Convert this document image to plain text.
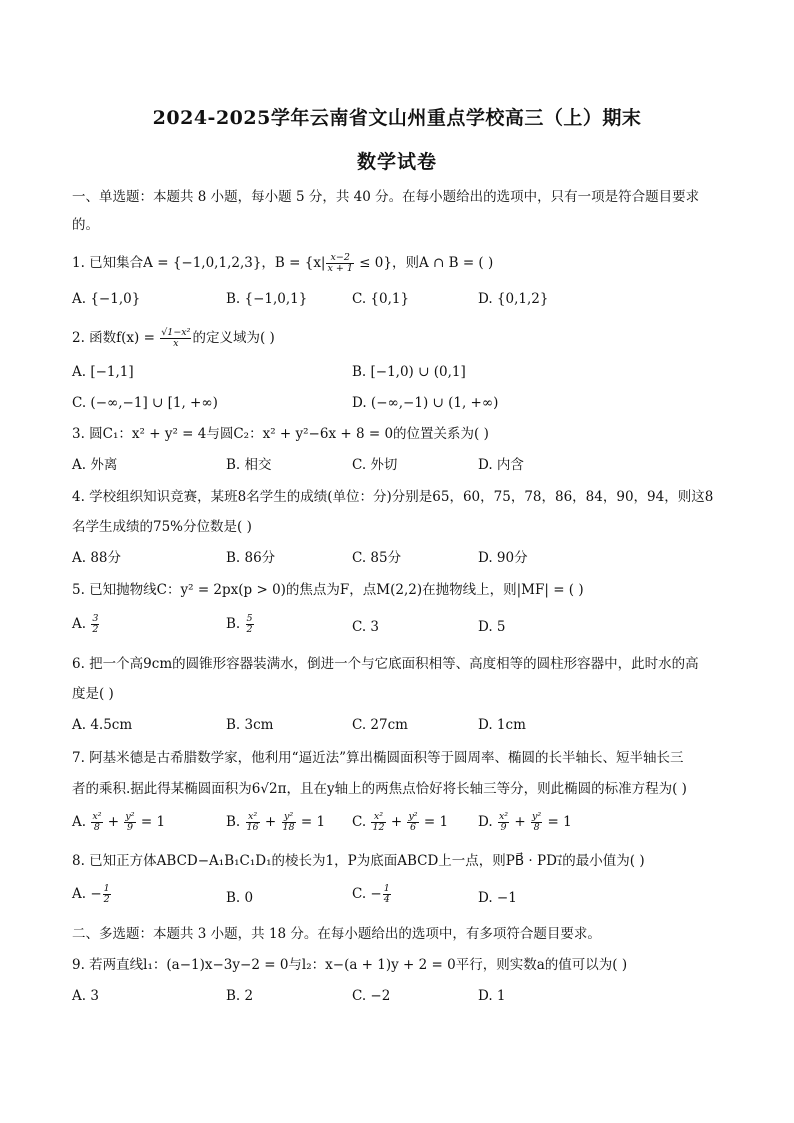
2024-2025学年云南省文山州重点学校高三（上）期末
数学试卷
一、单选题：本题共 8 小题，每小题 5 分，共 40 分。在每小题给出的选项中，只有一项是符合题目要求
的。
1. 已知集合A = {−1,0,1,2,3}，$B = \{x| \frac{x-2}{x + 1} \le 0\}$，则A ∩ B = ( )
A. {−1,0}	B. {−1,0,1}	C. {0,1}	D. {0,1,2}
2. 函数$f(x) = \frac{\text{√1−x²}}{x}$ 的定义域为( )
A. [−1,1]	B. [−1,0) ∪ (0,1]
C. (−∞,−1] ∪ [1, +∞)	D. (−∞,−1) ∪ (1, +∞)
3. 圆C₁：x² + y² = 4与圆C₂：x² + y²−6x + 8 = 0的位置关系为( )
A. 外离	B. 相交	C. 外切	D. 内含
4. 学校组织知识竞赛，某班8名学生的成绩(单位：分)分别是65，60，75，78，86，84，90，94，则这8
名学生成绩的75%分位数是( )
A. 88分	B. 86分	C. 85分	D. 90分
5. 已知抛物线C：y² = 2px(p > 0)的焦点为F，点M(2,2)在抛物线上，则|MF| = ( )
A. $\frac{3}{2}$	B. $\frac{5}{2}$	C. 3	D. 5
6. 把一个高9cm的圆锥形容器装满水，倒进一个与它底面积相等、高度相等的圆柱形容器中，此时水的高
度是( )
A. 4.5cm	B. 3cm	C. 27cm	D. 1cm
7. 阿基米德是古希腊数学家，他利用“逼近法”算出椭圆面积等于圆周率、椭圆的长半轴长、短半轴长三
者的乘积.据此得某椭圆面积为6√2π，且在y轴上的两焦点恰好将长轴三等分，则此椭圆的标准方程为( )
A. $\frac{\text{x²}}{8} + \frac{\text{y²}}{9} = 1$	B. $\frac{\text{x²}}{16} + \frac{\text{y²}}{18} = 1$ C. $\frac{\text{x²}}{12} + \frac{\text{y²}}{6} = 1$ D. $\frac{\text{x²}}{9} + \frac{\text{y²}}{8} = 1$
8. 已知正方体ABCD−A₁B₁C₁D₁的棱长为1，P为底面ABCD上一点，则PB⃗ · PD₁⃗的最小值为( )
A. − $\frac{1}{2}$	B. 0	C. − $\frac{1}{4}$	D. −1
二、多选题：本题共 3 小题，共 18 分。在每小题给出的选项中，有多项符合题目要求。
9. 若两直线l₁：(a−1)x−3y−2 = 0与l₂：x−(a + 1)y + 2 = 0平行，则实数a的值可以为( )
A. 3	B. 2	C. −2	D. 1
